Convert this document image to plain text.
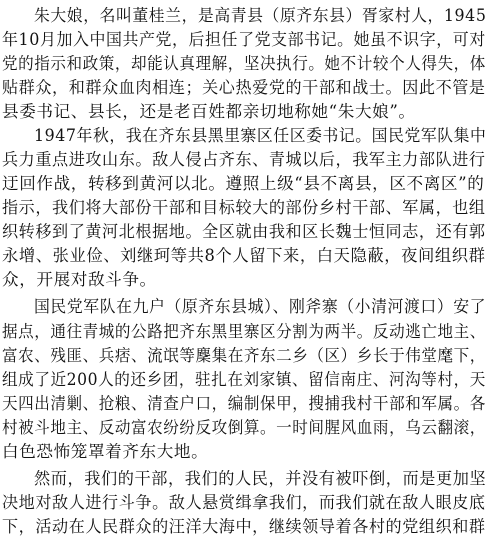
朱大娘，名叫董桂兰，是高青县（原齐东县）胥家村人，1945
年10月加入中国共产党，后担任了党支部书记。她虽不识字，可对
党的指示和政策，却能认真理解，坚决执行。她不计较个人得失，体
贴群众，和群众血肉相连；关心热爱党的干部和战士。因此不管是
县委书记、县长，还是老百姓都亲切地称她“朱大娘”。
1947年秋，我在齐东县黑里寨区任区委书记。国民党军队集中
兵力重点进攻山东。敌人侵占齐东、青城以后，我军主力部队进行
迂回作战，转移到黄河以北。遵照上级“县不离县，区不离区”的
指示，我们将大部份干部和目标较大的部份乡村干部、军属，也组
织转移到了黄河北根据地。全区就由我和区长魏士恒同志，还有郭
永增、张业俭、刘继珂等共8个人留下来，白天隐蔽，夜间组织群
众，开展对敌斗争。
国民党军队在九户（原齐东县城）、刚斧寨（小清河渡口）安了
据点，通往青城的公路把齐东黑里寨区分割为两半。反动逃亡地主、
富农、残匪、兵痞、流氓等麇集在齐东二乡（区）乡长于伟堂麾下，
组成了近200人的还乡团，驻扎在刘家镇、留信南庄、河沟等村，天
天四出清剿、抢粮、清查户口，编制保甲，搜捕我村干部和军属。各
村被斗地主、反动富农纷纷反攻倒算。一时间腥风血雨，乌云翻滚，
白色恐怖笼罩着齐东大地。
然而，我们的干部，我们的人民，并没有被吓倒，而是更加坚
决地对敌人进行斗争。敌人悬赏缉拿我们，而我们就在敌人眼皮底
下，活动在人民群众的汪洋大海中，继续领导着各村的党组织和群
